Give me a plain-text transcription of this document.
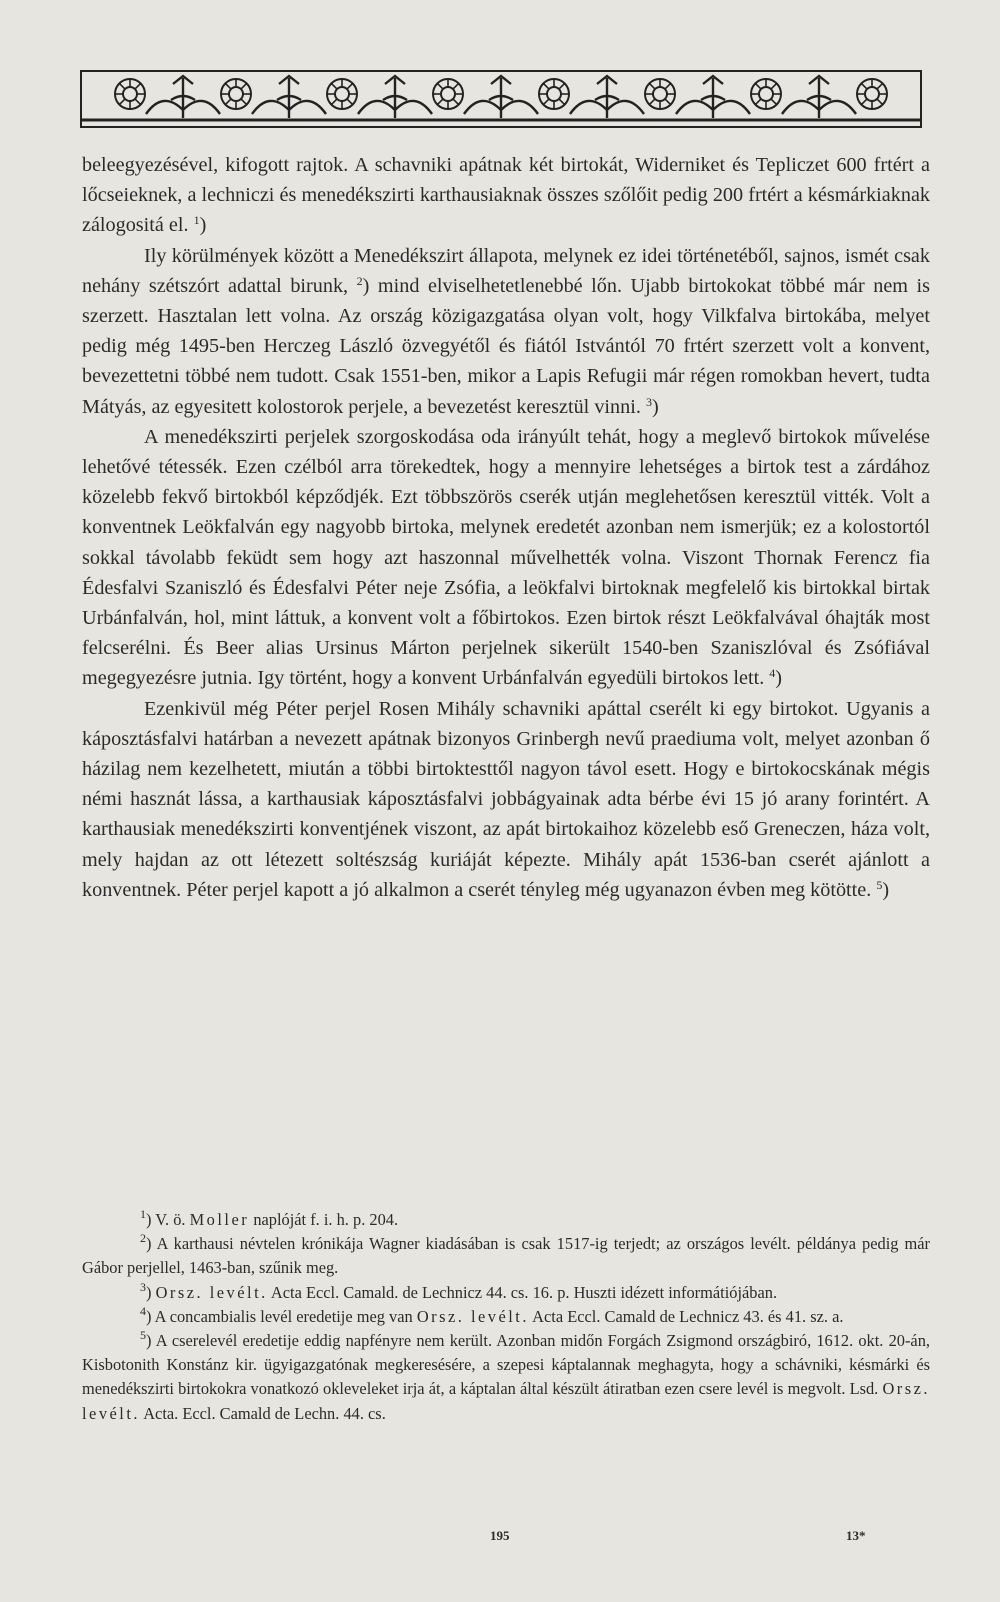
beleegyezésével, kifogott rajtok. A schavniki apátnak két birtokát, Widerniket és Tepliczet 600 frtért a lőcseieknek, a lechniczi és menedékszirti karthausiaknak összes szőlőit pedig 200 frtért a késmárkiaknak zálogositá el. $^1$)

Ily körülmények között a Menedékszirt állapota, melynek ez idei történetéből, sajnos, ismét csak nehány szétszórt adattal birunk, $^2$) mind elviselhetetlenebbé lőn. Ujabb birtokokat többé már nem is szerzett. Hasztalan lett volna. Az ország közigazgatása olyan volt, hogy Vilkfalva birtokába, melyet pedig még 1495-ben Herczeg László özvegyétől és fiától Istvántól 70 frtért szerzett volt a konvent, bevezettetni többé nem tudott. Csak 1551-ben, mikor a Lapis Refugii már régen romokban hevert, tudta Mátyás, az egyesitett kolostorok perjele, a bevezetést keresztül vinni. $^3$)

A menedékszirti perjelek szorgoskodása oda irányúlt tehát, hogy a meglevő birtokok művelése lehetővé tétessék. Ezen czélból arra törekedtek, hogy a mennyire lehetséges a birtok test a zárdához közelebb fekvő birtokból képződjék. Ezt többszörös cserék utján meglehetősen keresztül vitték. Volt a konventnek Leökfalván egy nagyobb birtoka, melynek eredetét azonban nem ismerjük; ez a kolostortól sokkal távolabb feküdt sem hogy azt haszonnal művelhették volna. Viszont Thornak Ferencz fia Édesfalvi Szaniszló és Édesfalvi Péter neje Zsófia, a leökfalvi birtoknak megfelelő kis birtokkal birtak Urbánfalván, hol, mint láttuk, a konvent volt a főbirtokos. Ezen birtok részt Leökfalvával óhajták most felcserélni. És Beer alias Ursinus Márton perjelnek sikerült 1540-ben Szaniszlóval és Zsófiával megegyezésre jutnia. Igy történt, hogy a konvent Urbánfalván egyedüli birtokos lett. $^4$)

Ezenkivül még Péter perjel Rosen Mihály schavniki apáttal cserélt ki egy birtokot. Ugyanis a káposztásfalvi határban a nevezett apátnak bizonyos Grinbergh nevű praediuma volt, melyet azonban ő házilag nem kezelhetett, miután a többi birtoktesttől nagyon távol esett. Hogy e birtokocskának mégis némi hasznát lássa, a karthausiak káposztásfalvi jobbágyainak adta bérbe évi 15 jó arany forintért. A karthausiak menedékszirti konventjének viszont, az apát birtokaihoz közelebb eső Greneczen, háza volt, mely hajdan az ott létezett soltészság kuriáját képezte. Mihály apát 1536-ban cserét ajánlott a konventnek. Péter perjel kapott a jó alkalmon a cserét tényleg még ugyanazon évben meg kötötte. $^5$)

$^1$) V. ö. Moller naplóját f. i. h. p. 204.

$^2$) A karthausi névtelen krónikája Wagner kiadásában is csak 1517-ig terjedt; az országos levélt. példánya pedig már Gábor perjellel, 1463-ban, szűnik meg.

$^3$) Orsz. levélt. Acta Eccl. Camald. de Lechnicz 44. cs. 16. p. Huszti idézett informátiójában.

$^4$) A concambialis levél eredetije meg van Orsz. levélt. Acta Eccl. Camald de Lechnicz 43. és 41. sz. a.

$^5$) A cserelevél eredetije eddig napfényre nem került. Azonban midőn Forgách Zsigmond országbiró, 1612. okt. 20-án, Kisbotonith Konstánz kir. ügyigazgatónak megkeresésére, a szepesi káptalannak meghagyta, hogy a schávniki, késmárki és menedékszirti birtokokra vonatkozó okleveleket irja át, a káptalan által készült átiratban ezen csere levél is megvolt. Lsd. Orsz. levélt. Acta. Eccl. Camald de Lechn. 44. cs.

195	13*
